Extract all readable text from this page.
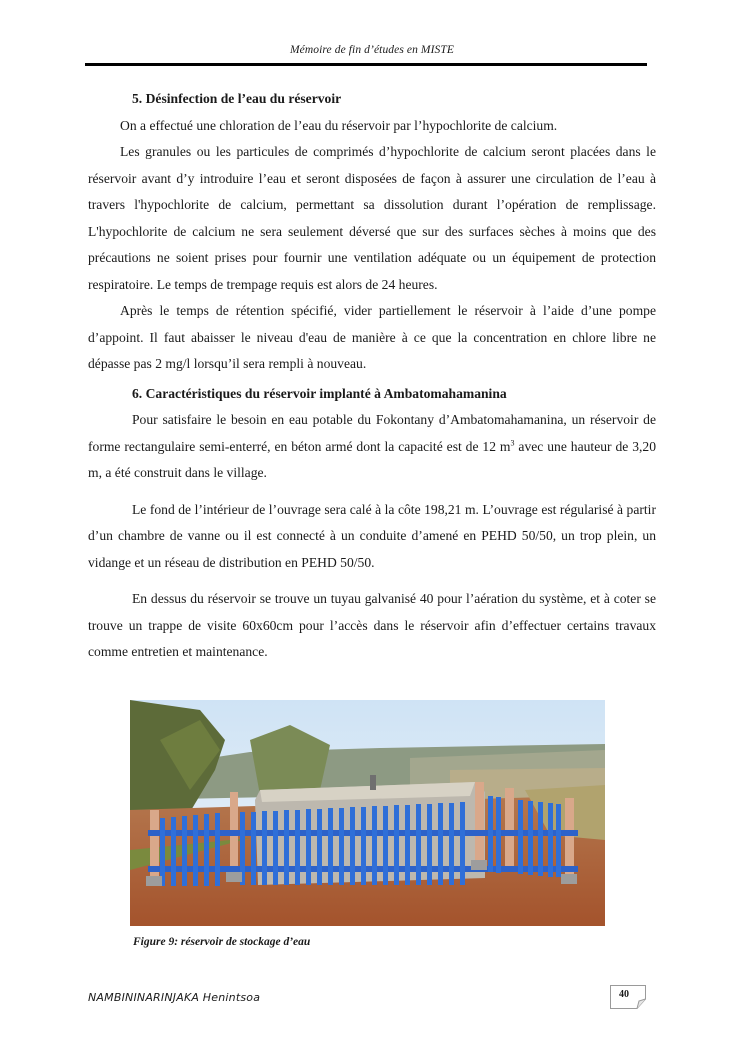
Mémoire de fin d’études en MISTE

5. Désinfection de l’eau du réservoir

On a effectué une chloration de l’eau du réservoir par l’hypochlorite de calcium.

Les granules ou les particules de comprimés d’hypochlorite de calcium seront placées dans le réservoir avant d’y introduire l’eau et seront disposées de façon à assurer une circulation de l’eau à travers l'hypochlorite de calcium, permettant sa dissolution durant l’opération de remplissage. L'hypochlorite de calcium ne sera seulement déversé que sur des surfaces sèches à moins que des précautions ne soient prises pour fournir une ventilation adéquate ou un équipement de protection respiratoire. Le temps de trempage requis est alors de 24 heures.

Après le temps de rétention spécifié, vider partiellement le réservoir à l’aide d’une pompe d’appoint. Il faut abaisser le niveau d'eau de manière à ce que la concentration en chlore libre ne dépasse pas 2 mg/l lorsqu’il sera rempli à nouveau.

6. Caractéristiques du réservoir implanté à Ambatomahamanina

Pour satisfaire le besoin en eau potable du Fokontany d’Ambatomahamanina, un réservoir de forme rectangulaire semi-enterré, en béton armé dont la capacité est de 12 $m^3$ avec une hauteur de 3,20 m, a été construit dans le village.

Le fond de l’intérieur de l’ouvrage sera calé à la côte 198,21 m. L’ouvrage est régularisé à partir d’un chambre de vanne ou il est connecté à un conduite d’amené en PEHD 50/50, un trop plein, un vidange et un réseau de distribution en PEHD 50/50.

En dessus du réservoir se trouve un tuyau galvanisé 40 pour l’aération du système, et à coter se trouve un trappe de visite 60x60cm pour l’accès dans le réservoir afin d’effectuer certains travaux comme entretien et maintenance.

Figure 9: réservoir de stockage d’eau
NAMBININARINJAKA Henintsoa	40
